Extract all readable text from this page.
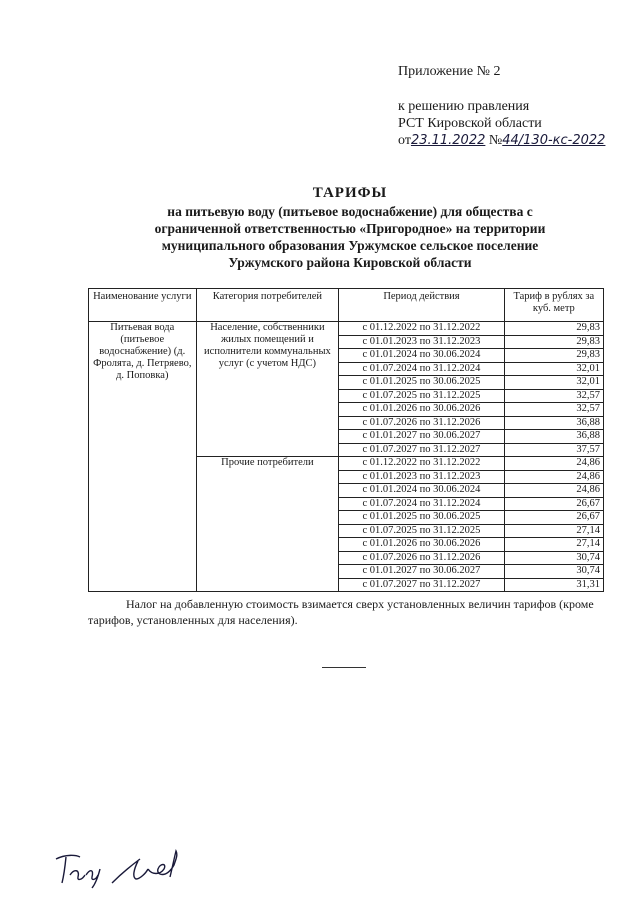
Приложение № 2
к решению правления
РСТ Кировской области
от23.11.2022 №44/130-кс-2022
ТАРИФЫ
на питьевую воду (питьевое водоснабжение) для общества с
ограниченной ответственностью «Пригородное» на территории
муниципального образования Уржумское сельское поселение
Уржумского района Кировской области
Наименование услуги	Категория потребителей	Период действия	Тариф в рублях за куб. метр
Питьевая вода (питьевое водоснабжение) (д. Фролята, д. Петряево, д. Поповка)	Население, собственники жилых помещений и исполнители коммунальных услуг (с учетом НДС)	с 01.12.2022 по 31.12.2022	29,83
		с 01.01.2023 по 31.12.2023	29,83
		с 01.01.2024 по 30.06.2024	29,83
		с 01.07.2024 по 31.12.2024	32,01
		с 01.01.2025 по 30.06.2025	32,01
		с 01.07.2025 по 31.12.2025	32,57
		с 01.01.2026 по 30.06.2026	32,57
		с 01.07.2026 по 31.12.2026	36,88
		с 01.01.2027 по 30.06.2027	36,88
		с 01.07.2027 по 31.12.2027	37,57
	Прочие потребители	с 01.12.2022 по 31.12.2022	24,86
		с 01.01.2023 по 31.12.2023	24,86
		с 01.01.2024 по 30.06.2024	24,86
		с 01.07.2024 по 31.12.2024	26,67
		с 01.01.2025 по 30.06.2025	26,67
		с 01.07.2025 по 31.12.2025	27,14
		с 01.01.2026 по 30.06.2026	27,14
		с 01.07.2026 по 31.12.2026	30,74
		с 01.01.2027 по 30.06.2027	30,74
		с 01.07.2027 по 31.12.2027	31,31
Налог на добавленную стоимость взимается сверх установленных величин тарифов (кроме тарифов, установленных для населения).
